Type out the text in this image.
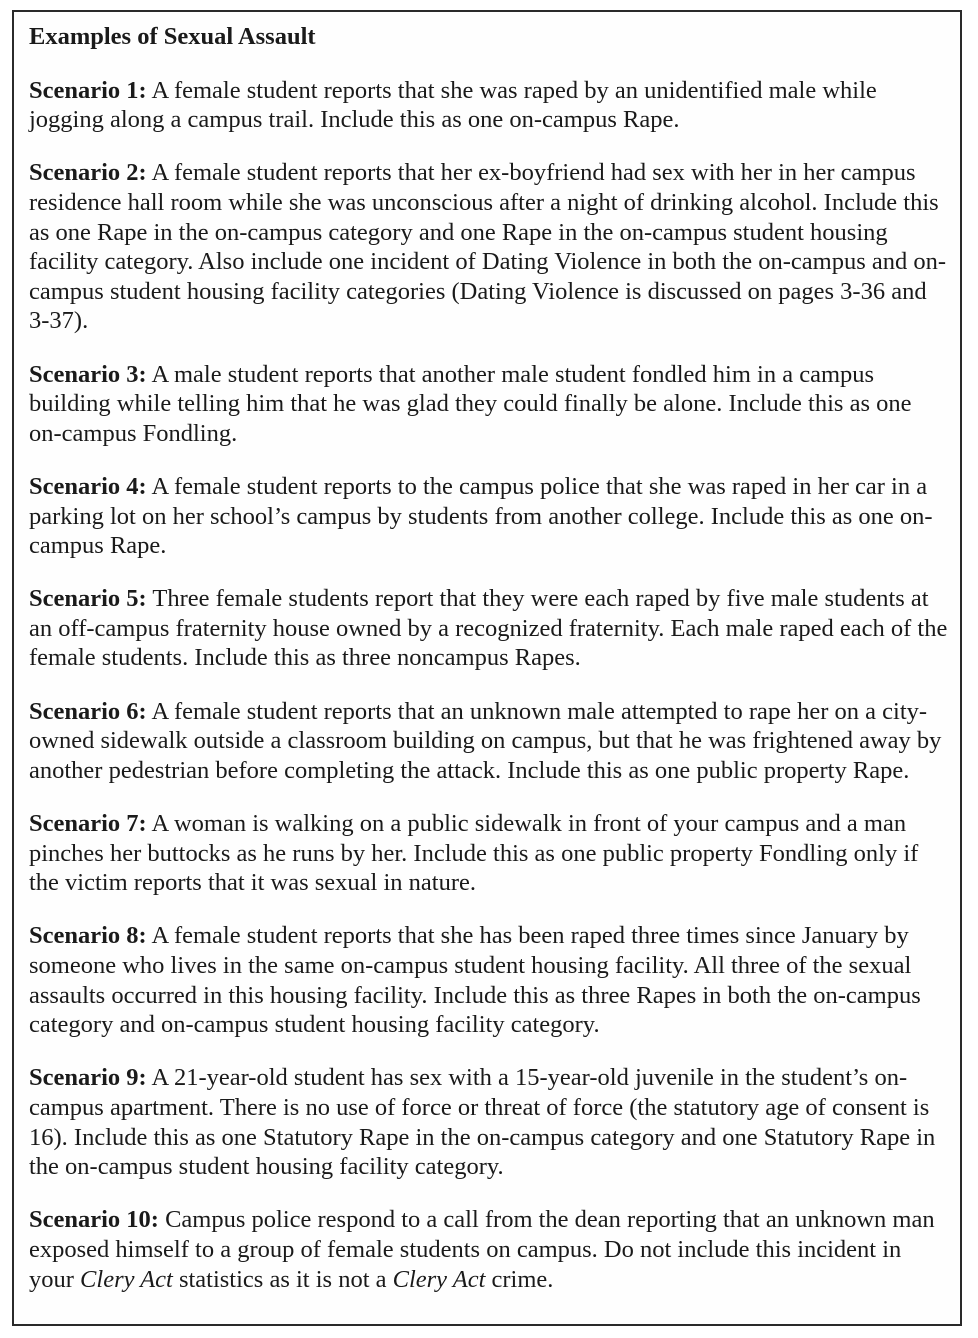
Examples of Sexual Assault

Scenario 1: A female student reports that she was raped by an unidentified male while jogging along a campus trail. Include this as one on-campus Rape.

Scenario 2: A female student reports that her ex-boyfriend had sex with her in her campus residence hall room while she was unconscious after a night of drinking alcohol. Include this as one Rape in the on-campus category and one Rape in the on-campus student housing facility category. Also include one incident of Dating Violence in both the on-campus and on-campus student housing facility categories (Dating Violence is discussed on pages 3-36 and 3-37).

Scenario 3: A male student reports that another male student fondled him in a campus building while telling him that he was glad they could finally be alone. Include this as one on-campus Fondling.

Scenario 4: A female student reports to the campus police that she was raped in her car in a parking lot on her school’s campus by students from another college. Include this as one on-campus Rape.

Scenario 5: Three female students report that they were each raped by five male students at an off-campus fraternity house owned by a recognized fraternity. Each male raped each of the female students. Include this as three noncampus Rapes.

Scenario 6: A female student reports that an unknown male attempted to rape her on a city-owned sidewalk outside a classroom building on campus, but that he was frightened away by another pedestrian before completing the attack. Include this as one public property Rape.

Scenario 7: A woman is walking on a public sidewalk in front of your campus and a man pinches her buttocks as he runs by her. Include this as one public property Fondling only if the victim reports that it was sexual in nature.

Scenario 8: A female student reports that she has been raped three times since January by someone who lives in the same on-campus student housing facility. All three of the sexual assaults occurred in this housing facility. Include this as three Rapes in both the on-campus category and on-campus student housing facility category.

Scenario 9: A 21-year-old student has sex with a 15-year-old juvenile in the student’s on-campus apartment. There is no use of force or threat of force (the statutory age of consent is 16). Include this as one Statutory Rape in the on-campus category and one Statutory Rape in the on-campus student housing facility category.

Scenario 10: Campus police respond to a call from the dean reporting that an unknown man exposed himself to a group of female students on campus. Do not include this incident in your Clery Act statistics as it is not a Clery Act crime.
